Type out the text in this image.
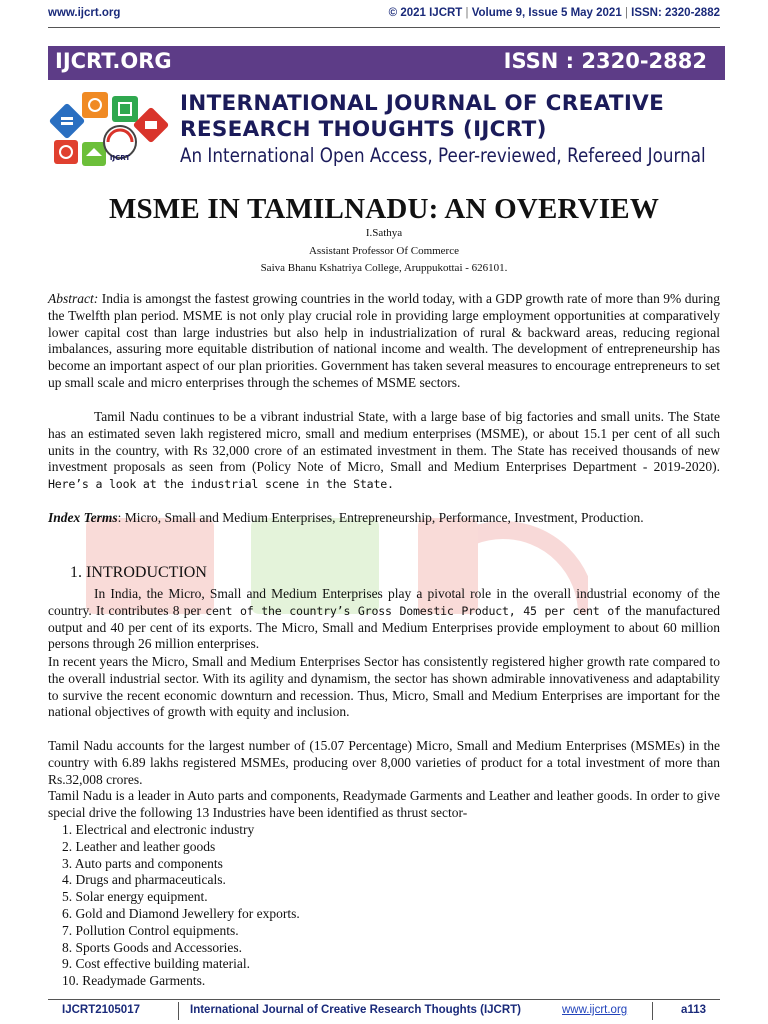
www.ijcrt.org	© 2021 IJCRT | Volume 9, Issue 5 May 2021 | ISSN: 2320-2882
IJCRT.ORG	ISSN : 2320-2882
IJCRT
INTERNATIONAL JOURNAL OF CREATIVE
RESEARCH THOUGHTS (IJCRT)
An International Open Access, Peer-reviewed, Refereed Journal
MSME IN TAMILNADU: AN OVERVIEW
I.Sathya
Assistant Professor Of Commerce
Saiva Bhanu Kshatriya College, Aruppukottai - 626101.
Abstract: India is amongst the fastest growing countries in the world today, with a GDP growth rate of more than 9% during the Twelfth plan period. MSME is not only play crucial role in providing large employment opportunities at comparatively lower capital cost than large industries but also help in industrialization of rural & backward areas, reducing regional imbalances, assuring more equitable distribution of national income and wealth. The development of entrepreneurship has become an important aspect of our plan priorities. Government has taken several measures to encourage entrepreneurs to set up small scale and micro enterprises through the schemes of MSME sectors.
Tamil Nadu continues to be a vibrant industrial State, with a large base of big factories and small units. The State has an estimated seven lakh registered micro, small and medium enterprises (MSME), or about 15.1 per cent of all such units in the country, with Rs 32,000 crore of an estimated investment in them. The State has received thousands of new investment proposals as seen from (Policy Note of Micro, Small and Medium Enterprises Department - 2019-2020). Here’s a look at the industrial scene in the State.
Index Terms: Micro, Small and Medium Enterprises, Entrepreneurship, Performance, Investment, Production.
1. INTRODUCTION
In India, the Micro, Small and Medium Enterprises play a pivotal role in the overall industrial economy of the country. It contributes 8 per cent of the country’s Gross Domestic Product, 45 per cent of the manufactured output and 40 per cent of its exports. The Micro, Small and Medium Enterprises provide employment to about 60 million persons through 26 million enterprises.
In recent years the Micro, Small and Medium Enterprises Sector has consistently registered higher growth rate compared to the overall industrial sector. With its agility and dynamism, the sector has shown admirable innovativeness and adaptability to survive the recent economic downturn and recession. Thus, Micro, Small and Medium Enterprises are important for the national objectives of growth with equity and inclusion.
Tamil Nadu accounts for the largest number of (15.07 Percentage) Micro, Small and Medium Enterprises (MSMEs) in the country with 6.89 lakhs registered MSMEs, producing over 8,000 varieties of product for a total investment of more than Rs.32,008 crores.
Tamil Nadu is a leader in Auto parts and components, Readymade Garments and Leather and leather goods. In order to give special drive the following 13 Industries have been identified as thrust sector-
1. Electrical and electronic industry
2. Leather and leather goods
3. Auto parts and components
4. Drugs and pharmaceuticals.
5. Solar energy equipment.
6. Gold and Diamond Jewellery for exports.
7. Pollution Control equipments.
8. Sports Goods and Accessories.
9. Cost effective building material.
10. Readymade Garments.
IJCRT2105017	International Journal of Creative Research Thoughts (IJCRT)	www.ijcrt.org	a113
